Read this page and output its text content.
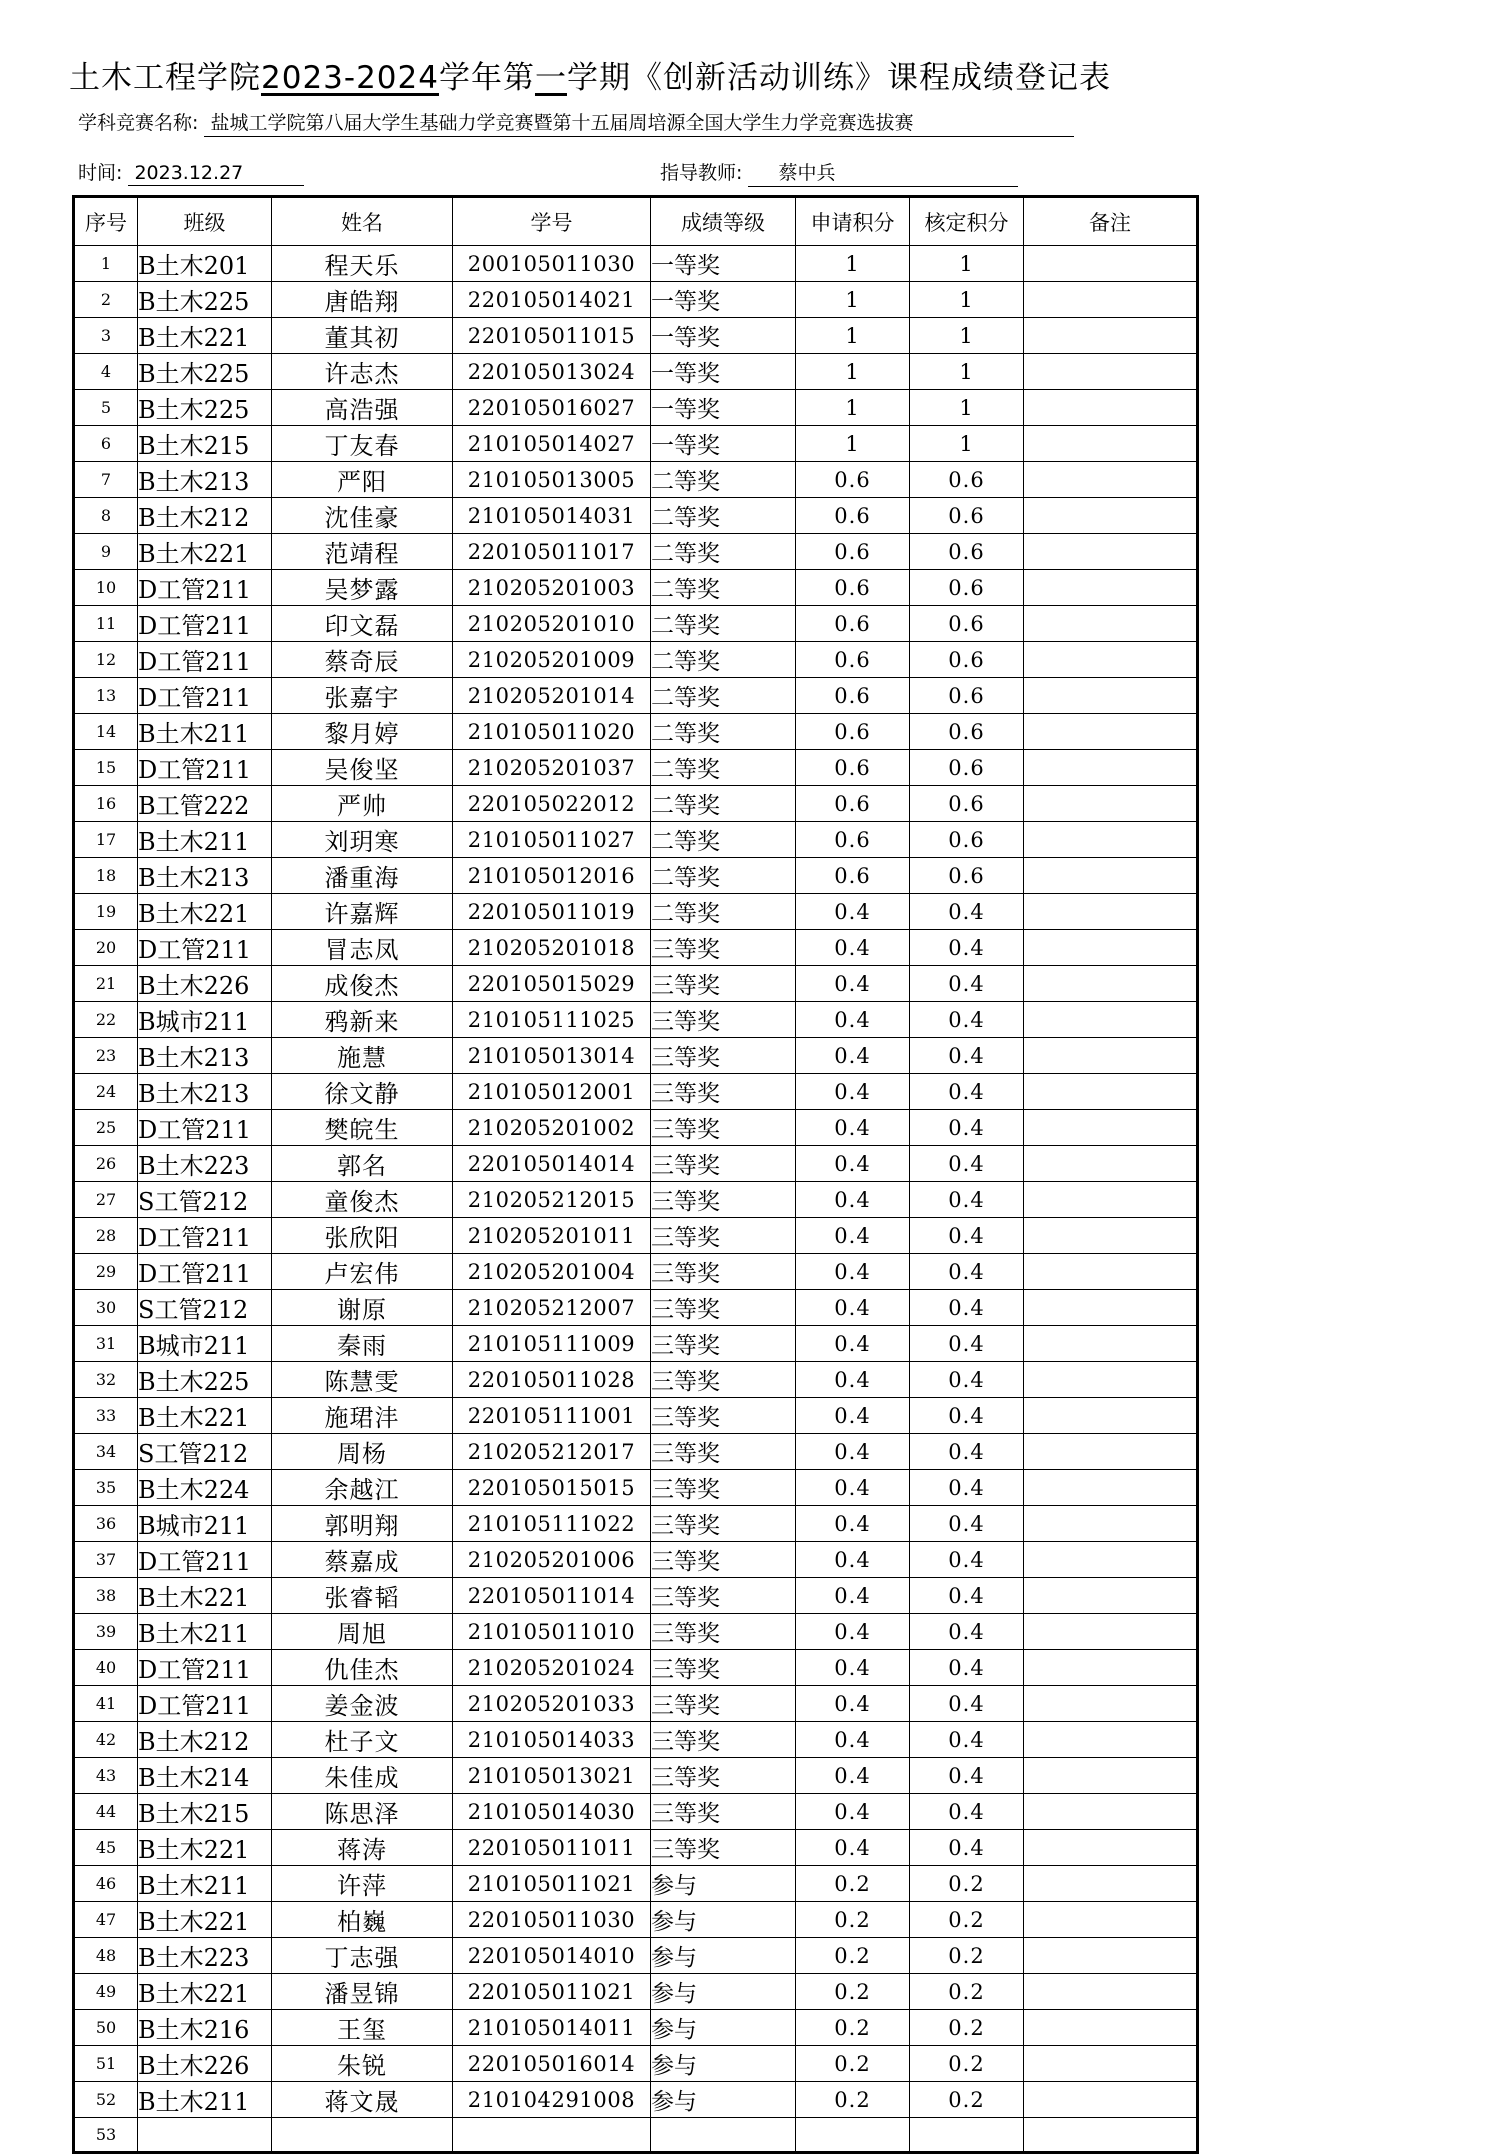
土木工程学院2023-2024学年第一学期《创新活动训练》课程成绩登记表
学科竞赛名称: 盐城工学院第八届大学生基础力学竞赛暨第十五届周培源全国大学生力学竞赛选拔赛
时间: 2023.12.27	指导教师: 蔡中兵
序号	班级	姓名	学号	成绩等级	申请积分	核定积分	备注
1	B土木201	程天乐	200105011030	一等奖	1	1	
2	B土木225	唐皓翔	220105014021	一等奖	1	1	
3	B土木221	董其初	220105011015	一等奖	1	1	
4	B土木225	许志杰	220105013024	一等奖	1	1	
5	B土木225	高浩强	220105016027	一等奖	1	1	
6	B土木215	丁友春	210105014027	一等奖	1	1	
7	B土木213	严阳	210105013005	二等奖	0.6	0.6	
8	B土木212	沈佳豪	210105014031	二等奖	0.6	0.6	
9	B土木221	范靖程	220105011017	二等奖	0.6	0.6	
10	D工管211	吴梦露	210205201003	二等奖	0.6	0.6	
11	D工管211	印文磊	210205201010	二等奖	0.6	0.6	
12	D工管211	蔡奇辰	210205201009	二等奖	0.6	0.6	
13	D工管211	张嘉宇	210205201014	二等奖	0.6	0.6	
14	B土木211	黎月婷	210105011020	二等奖	0.6	0.6	
15	D工管211	吴俊坚	210205201037	二等奖	0.6	0.6	
16	B工管222	严帅	220105022012	二等奖	0.6	0.6	
17	B土木211	刘玥寒	210105011027	二等奖	0.6	0.6	
18	B土木213	潘重海	210105012016	二等奖	0.6	0.6	
19	B土木221	许嘉辉	220105011019	二等奖	0.4	0.4	
20	D工管211	冒志凤	210205201018	三等奖	0.4	0.4	
21	B土木226	成俊杰	220105015029	三等奖	0.4	0.4	
22	B城市211	鸦新来	210105111025	三等奖	0.4	0.4	
23	B土木213	施慧	210105013014	三等奖	0.4	0.4	
24	B土木213	徐文静	210105012001	三等奖	0.4	0.4	
25	D工管211	樊皖生	210205201002	三等奖	0.4	0.4	
26	B土木223	郭名	220105014014	三等奖	0.4	0.4	
27	S工管212	童俊杰	210205212015	三等奖	0.4	0.4	
28	D工管211	张欣阳	210205201011	三等奖	0.4	0.4	
29	D工管211	卢宏伟	210205201004	三等奖	0.4	0.4	
30	S工管212	谢原	210205212007	三等奖	0.4	0.4	
31	B城市211	秦雨	210105111009	三等奖	0.4	0.4	
32	B土木225	陈慧雯	220105011028	三等奖	0.4	0.4	
33	B土木221	施珺沣	220105111001	三等奖	0.4	0.4	
34	S工管212	周杨	210205212017	三等奖	0.4	0.4	
35	B土木224	余越江	220105015015	三等奖	0.4	0.4	
36	B城市211	郭明翔	210105111022	三等奖	0.4	0.4	
37	D工管211	蔡嘉成	210205201006	三等奖	0.4	0.4	
38	B土木221	张睿韬	220105011014	三等奖	0.4	0.4	
39	B土木211	周旭	210105011010	三等奖	0.4	0.4	
40	D工管211	仇佳杰	210205201024	三等奖	0.4	0.4	
41	D工管211	姜金波	210205201033	三等奖	0.4	0.4	
42	B土木212	杜子文	210105014033	三等奖	0.4	0.4	
43	B土木214	朱佳成	210105013021	三等奖	0.4	0.4	
44	B土木215	陈思泽	210105014030	三等奖	0.4	0.4	
45	B土木221	蒋涛	220105011011	三等奖	0.4	0.4	
46	B土木211	许萍	210105011021	参与	0.2	0.2	
47	B土木221	柏巍	220105011030	参与	0.2	0.2	
48	B土木223	丁志强	220105014010	参与	0.2	0.2	
49	B土木221	潘昱锦	220105011021	参与	0.2	0.2	
50	B土木216	王玺	210105014011	参与	0.2	0.2	
51	B土木226	朱锐	220105016014	参与	0.2	0.2	
52	B土木211	蒋文晟	210104291008	参与	0.2	0.2	
53							
